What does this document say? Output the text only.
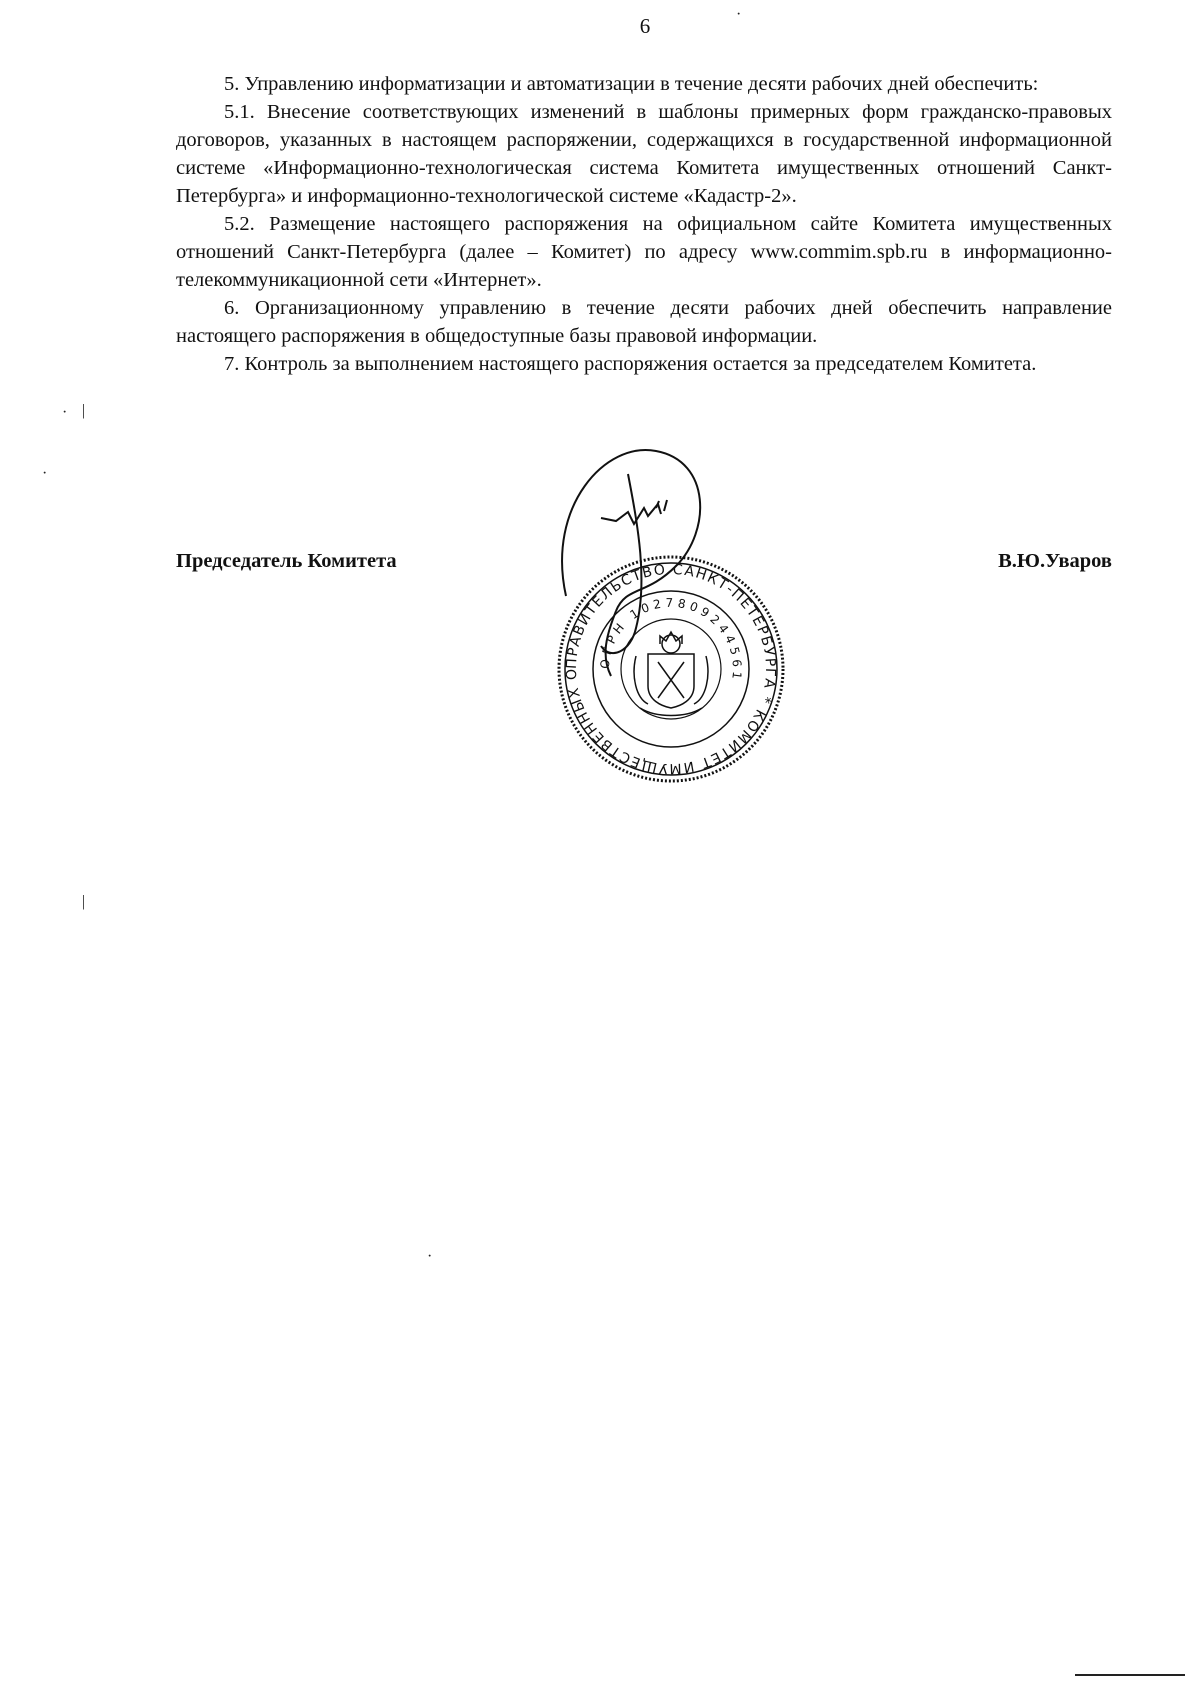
6

5. Управлению информатизации и автоматизации в течение десяти рабочих дней обеспечить:

5.1. Внесение соответствующих изменений в шаблоны примерных форм гражданско-правовых договоров, указанных в настоящем распоряжении, содержащихся в государственной информационной системе «Информационно-технологическая система Комитета имущественных отношений Санкт-Петербурга» и информационно-технологической системе «Кадастр-2».

5.2. Размещение настоящего распоряжения на официальном сайте Комитета имущественных отношений Санкт-Петербурга (далее – Комитет) по адресу www.commim.spb.ru в информационно-телекоммуникационной сети «Интернет».

6. Организационному управлению в течение десяти рабочих дней обеспечить направление настоящего распоряжения в общедоступные базы правовой информации.

7. Контроль за выполнением настоящего распоряжения остается за председателем Комитета.

Председатель Комитета	В.Ю.Уваров
ПРАВИТЕЛЬСТВО САНКТ-ПЕТЕРБУРГА * КОМИТЕТ ИМУЩЕСТВЕННЫХ О
ОГРН 1027809244561
· |
·
|
·
·
